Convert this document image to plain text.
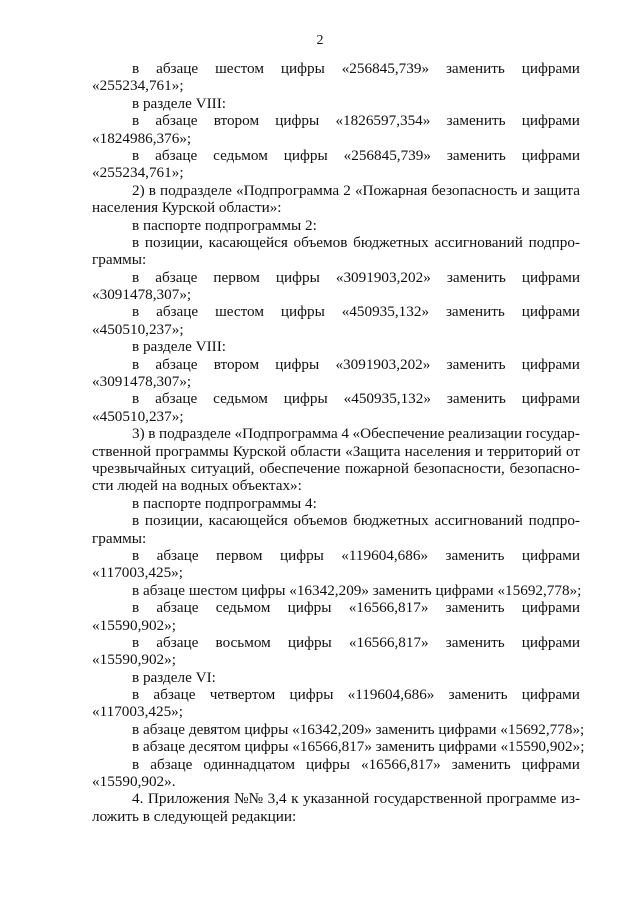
2
в абзаце шестом цифры «256845,739» заменить цифрами
«255234,761»;
в разделе VIII:
в абзаце втором цифры «1826597,354» заменить цифрами
«1824986,376»;
в абзаце седьмом цифры «256845,739» заменить цифрами
«255234,761»;
2) в подразделе «Подпрограмма 2 «Пожарная безопасность и защита
населения Курской области»:
в паспорте подпрограммы 2:
в позиции, касающейся объемов бюджетных ассигнований подпро-
граммы:
в абзаце первом цифры «3091903,202» заменить цифрами
«3091478,307»;
в абзаце шестом цифры «450935,132» заменить цифрами
«450510,237»;
в разделе VIII:
в абзаце втором цифры «3091903,202» заменить цифрами
«3091478,307»;
в абзаце седьмом цифры «450935,132» заменить цифрами
«450510,237»;
3) в подразделе «Подпрограмма 4 «Обеспечение реализации государ-
ственной программы Курской области «Защита населения и территорий от
чрезвычайных ситуаций, обеспечение пожарной безопасности, безопасно-
сти людей на водных объектах»:
в паспорте подпрограммы 4:
в позиции, касающейся объемов бюджетных ассигнований подпро-
граммы:
в абзаце первом цифры «119604,686» заменить цифрами
«117003,425»;
в абзаце шестом цифры «16342,209» заменить цифрами «15692,778»;
в абзаце седьмом цифры «16566,817» заменить цифрами
«15590,902»;
в абзаце восьмом цифры «16566,817» заменить цифрами
«15590,902»;
в разделе VI:
в абзаце четвертом цифры «119604,686» заменить цифрами
«117003,425»;
в абзаце девятом цифры «16342,209» заменить цифрами «15692,778»;
в абзаце десятом цифры «16566,817» заменить цифрами «15590,902»;
в абзаце одиннадцатом цифры «16566,817» заменить цифрами
«15590,902».
4. Приложения №№ 3,4 к указанной государственной программе из-
ложить в следующей редакции:
